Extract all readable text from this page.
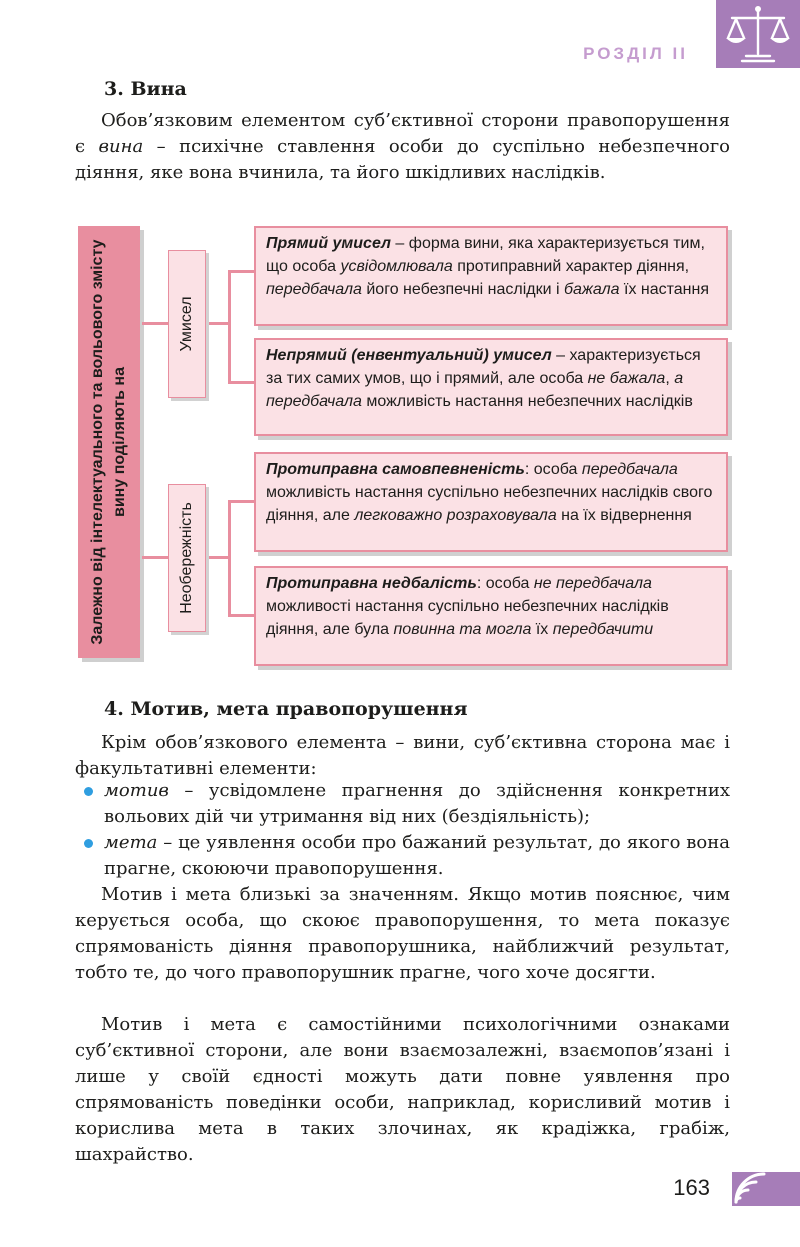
РОЗДІЛ II
3. Вина

Обов’язковим елементом суб’єктивної сторони правопорушення є вина – психічне ставлення особи до суспільно небезпечного діяння, яке вона вчинила, та його шкідливих наслідків.

Залежно від інтелектуального та вольового змісту вину поділяють на
Умисел
Необережність
Прямий умисел – форма вини, яка характеризується тим, що особа усвідомлювала протиправний характер діяння, передбачала його небезпечні наслідки і бажала їх настання
Непрямий (енвентуальний) умисел – характеризується за тих самих умов, що і прямий, але особа не бажала, а передбачала можливість настання небезпечних наслідків
Протиправна самовпевненість: особа передбачала можливість настання суспільно небезпечних наслідків свого діяння, але легковажно розраховувала на їх відвернення
Протиправна недбалість: особа не передбачала можливості настання суспільно небезпечних наслідків діяння, але була повинна та могла їх передбачити
4. Мотив, мета правопорушення

Крім обов’язкового елемента – вини, суб’єктивна сторона має і факультативні елементи:

мотив – усвідомлене прагнення до здійснення конкретних вольових дій чи утримання від них (бездіяльність);

мета – це уявлення особи про бажаний результат, до якого вона прагне, скоюючи правопорушення.

Мотив і мета близькі за значенням. Якщо мотив пояснює, чим керується особа, що скоює правопорушення, то мета показує спрямованість діяння правопорушника, найближчий результат, тобто те, до чого правопорушник прагне, чого хоче досягти.

Мотив і мета є самостійними психологічними ознаками суб’єктивної сторони, але вони взаємозалежні, взаємопов’язані і лише у своїй єдності можуть дати повне уявлення про спрямованість поведінки особи, наприклад, корисливий мотив і корислива мета в таких злочинах, як крадіжка, грабіж, шахрайство.

163
